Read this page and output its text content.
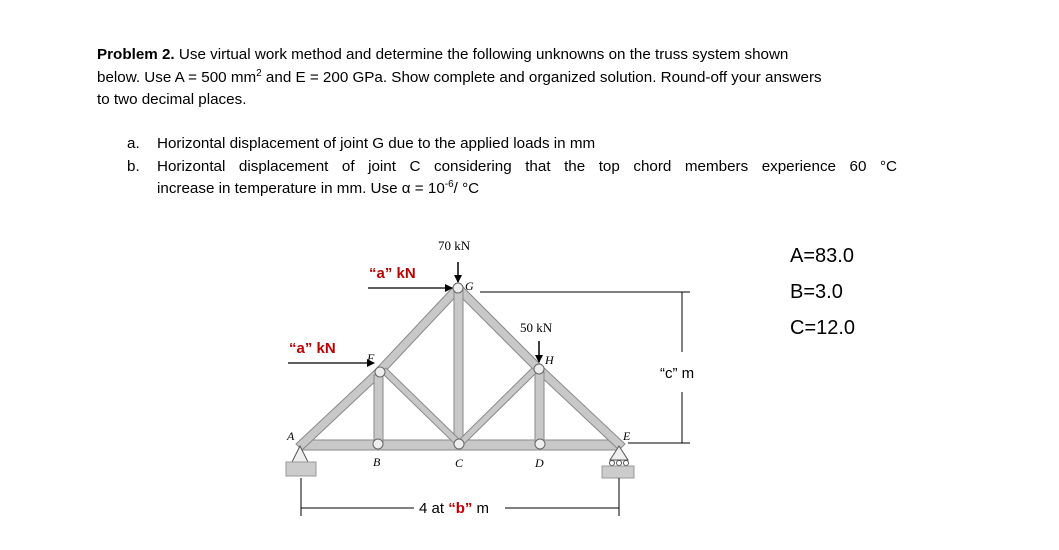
Problem 2. Use virtual work method and determine the following unknowns on the truss system shown
below. Use A = 500 $mm^2$ and E = 200 GPa. Show complete and organized solution. Round-off your answers
to two decimal places.
a.	Horizontal displacement of joint G due to the applied loads in mm
b.	Horizontal displacement of joint C considering that the top chord members experience 60 °C
increase in temperature in mm. Use $\alpha = 10^{-6}/$ °C
“c” m
4 at “b” m
70 kN
50 kN
“a” kN
“a” kN
A
B	C	D
E
F
G
H
A=83.0
B=3.0
C=12.0
